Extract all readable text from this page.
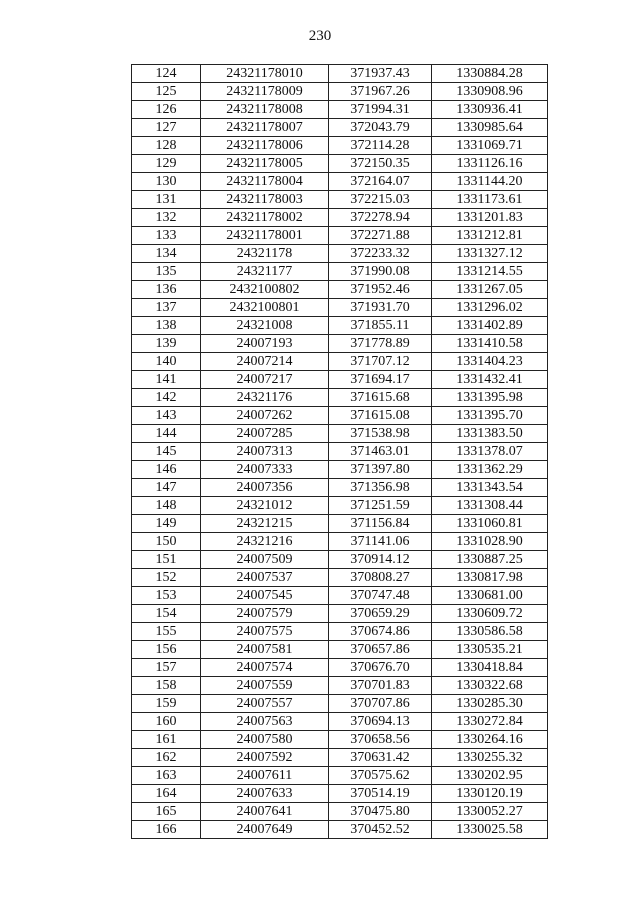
230
124	24321178010	371937.43	1330884.28
125	24321178009	371967.26	1330908.96
126	24321178008	371994.31	1330936.41
127	24321178007	372043.79	1330985.64
128	24321178006	372114.28	1331069.71
129	24321178005	372150.35	1331126.16
130	24321178004	372164.07	1331144.20
131	24321178003	372215.03	1331173.61
132	24321178002	372278.94	1331201.83
133	24321178001	372271.88	1331212.81
134	24321178	372233.32	1331327.12
135	24321177	371990.08	1331214.55
136	2432100802	371952.46	1331267.05
137	2432100801	371931.70	1331296.02
138	24321008	371855.11	1331402.89
139	24007193	371778.89	1331410.58
140	24007214	371707.12	1331404.23
141	24007217	371694.17	1331432.41
142	24321176	371615.68	1331395.98
143	24007262	371615.08	1331395.70
144	24007285	371538.98	1331383.50
145	24007313	371463.01	1331378.07
146	24007333	371397.80	1331362.29
147	24007356	371356.98	1331343.54
148	24321012	371251.59	1331308.44
149	24321215	371156.84	1331060.81
150	24321216	371141.06	1331028.90
151	24007509	370914.12	1330887.25
152	24007537	370808.27	1330817.98
153	24007545	370747.48	1330681.00
154	24007579	370659.29	1330609.72
155	24007575	370674.86	1330586.58
156	24007581	370657.86	1330535.21
157	24007574	370676.70	1330418.84
158	24007559	370701.83	1330322.68
159	24007557	370707.86	1330285.30
160	24007563	370694.13	1330272.84
161	24007580	370658.56	1330264.16
162	24007592	370631.42	1330255.32
163	24007611	370575.62	1330202.95
164	24007633	370514.19	1330120.19
165	24007641	370475.80	1330052.27
166	24007649	370452.52	1330025.58
